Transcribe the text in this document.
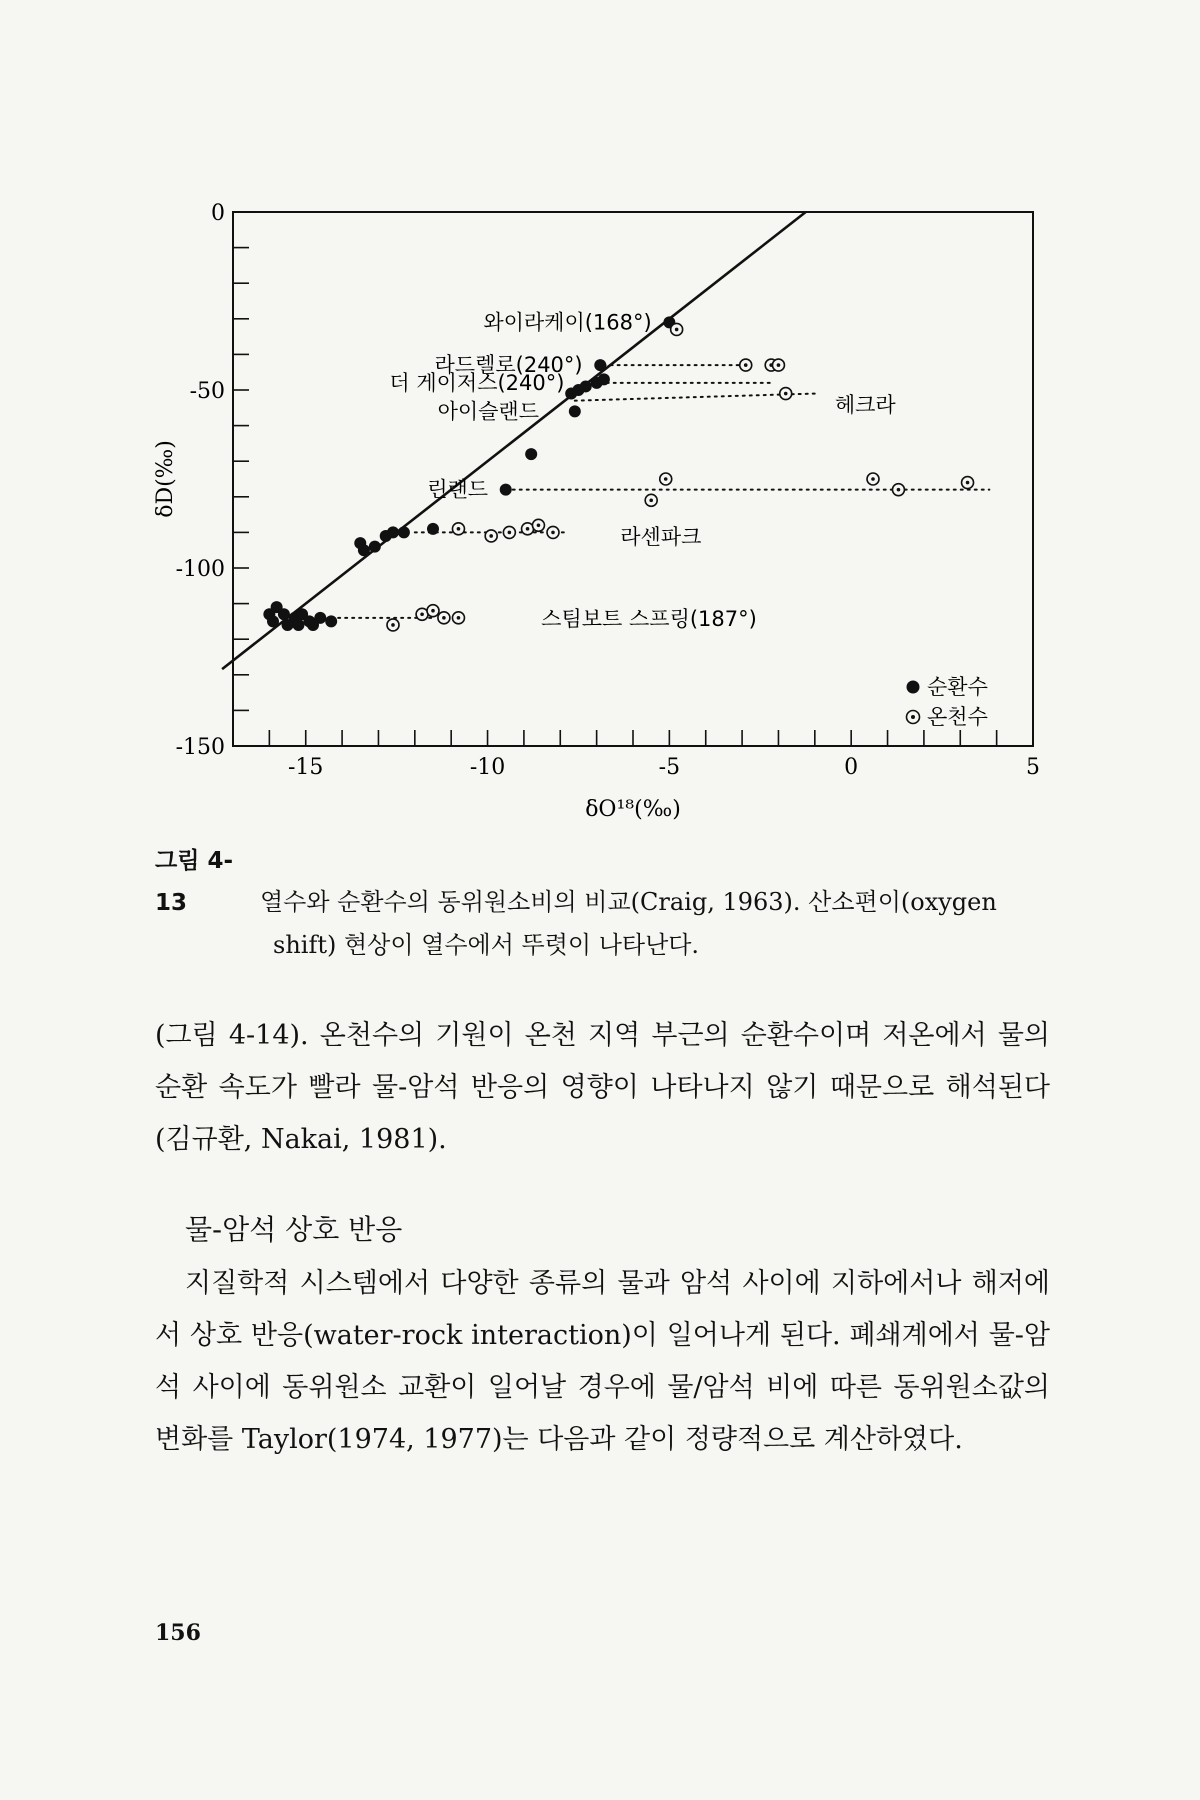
0
-50
-100
-150
-15	-10	-5	0	5
δO¹⁸(‰)
δD(‰)
와이라케이(168°)
라드렐로(240°)
더 게이저스(240°)
아이슬랜드	헤크라
린랜드
라센파크
스팀보트 스프링(187°)
순환수
온천수
그림 4-13	열수와 순환수의 동위원소비의 비교(Craig, 1963). 산소편이(oxygen
shift) 현상이 열수에서 뚜렷이 나타난다.

(그림 4-14). 온천수의 기원이 온천 지역 부근의 순환수이며 저온에서 물의 순환 속도가 빨라 물-암석 반응의 영향이 나타나지 않기 때문으로 해석된다(김규환, Nakai, 1981).

물-암석 상호 반응

지질학적 시스템에서 다양한 종류의 물과 암석 사이에 지하에서나 해저에서 상호 반응(water-rock interaction)이 일어나게 된다. 폐쇄계에서 물-암석 사이에 동위원소 교환이 일어날 경우에 물/암석 비에 따른 동위원소값의 변화를 Taylor(1974, 1977)는 다음과 같이 정량적으로 계산하였다.

156
